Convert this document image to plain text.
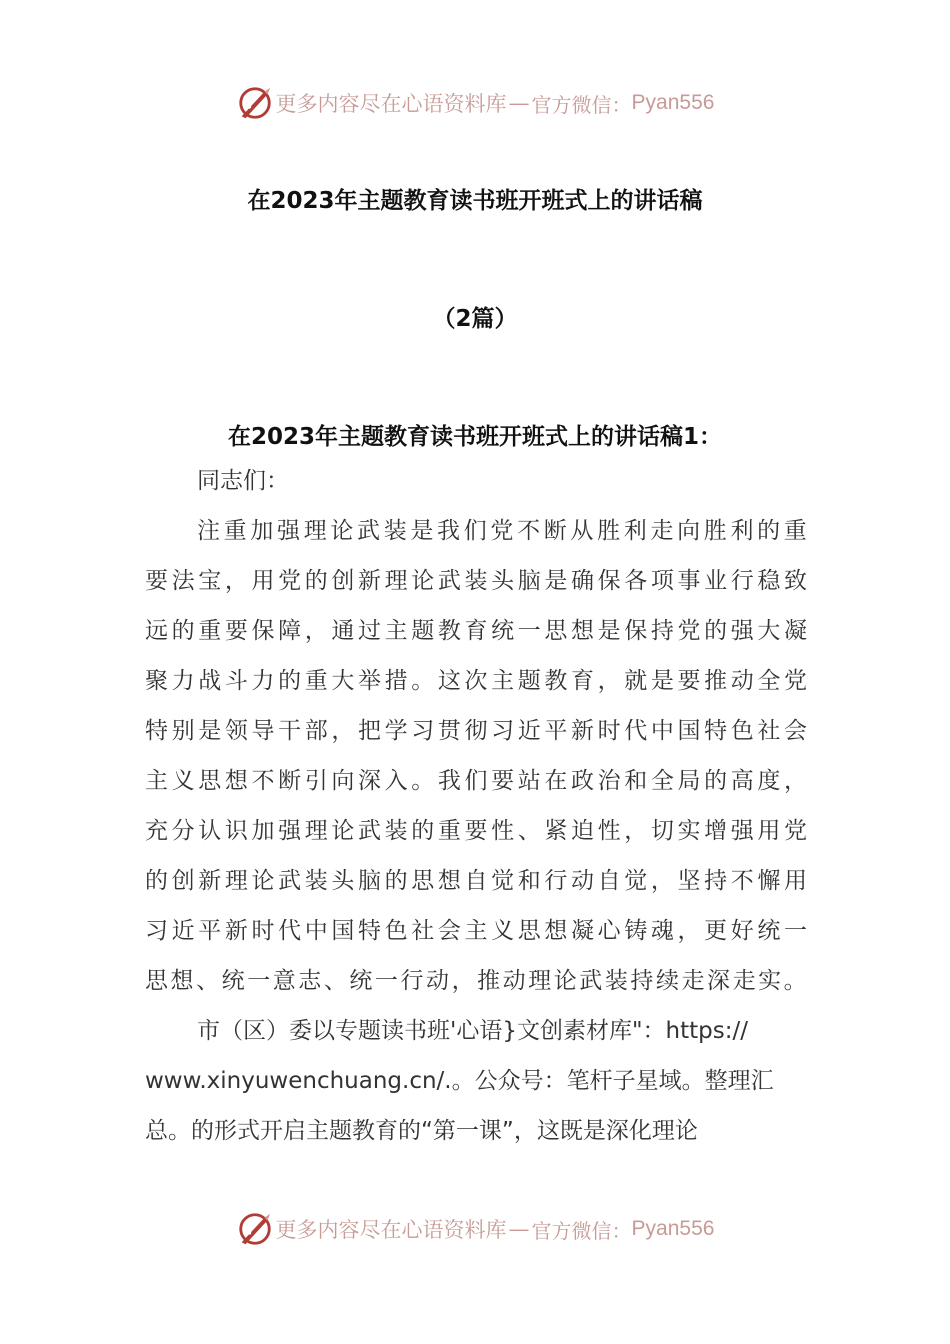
更多内容尽在心语资料库 — 官方微信： Pyan556
在2023年主题教育读书班开班式上的讲话稿
（2篇）
在2023年主题教育读书班开班式上的讲话稿1：
同志们：
注 重 加 强 理 论 武 装 是 我 们 党 不 断 从 胜 利 走 向 胜 利 的 重
要 法 宝 ， 用 党 的 创 新 理 论 武 装 头 脑 是 确 保 各 项 事 业 行 稳 致
远 的 重 要 保 障 ， 通 过 主 题 教 育 统 一 思 想 是 保 持 党 的 强 大 凝
聚 力 战 斗 力 的 重 大 举 措 。 这 次 主 题 教 育 ， 就 是 要 推 动 全 党
特 别 是 领 导 干 部 ， 把 学 习 贯 彻 习 近 平 新 时 代 中 国 特 色 社 会
主 义 思 想 不 断 引 向 深 入 。 我 们 要 站 在 政 治 和 全 局 的 高 度 ，
充 分 认 识 加 强 理 论 武 装 的 重 要 性 、 紧 迫 性 ， 切 实 增 强 用 党
的 创 新 理 论 武 装 头 脑 的 思 想 自 觉 和 行 动 自 觉 ， 坚 持 不 懈 用
习 近 平 新 时 代 中 国 特 色 社 会 主 义 思 想 凝 心 铸 魂 ， 更 好 统 一
思 想 、 统 一 意 志 、 统 一 行 动 ， 推 动 理 论 武 装 持 续 走 深 走 实 。
市（区）委以专题读书班'心语}文创素材库"：https://
www.xinyuwenchuang.cn/.。公众号：笔杆子星域。整理汇
总。的形式开启主题教育的“第一课”，这既是深化理论
更多内容尽在心语资料库 — 官方微信： Pyan556
